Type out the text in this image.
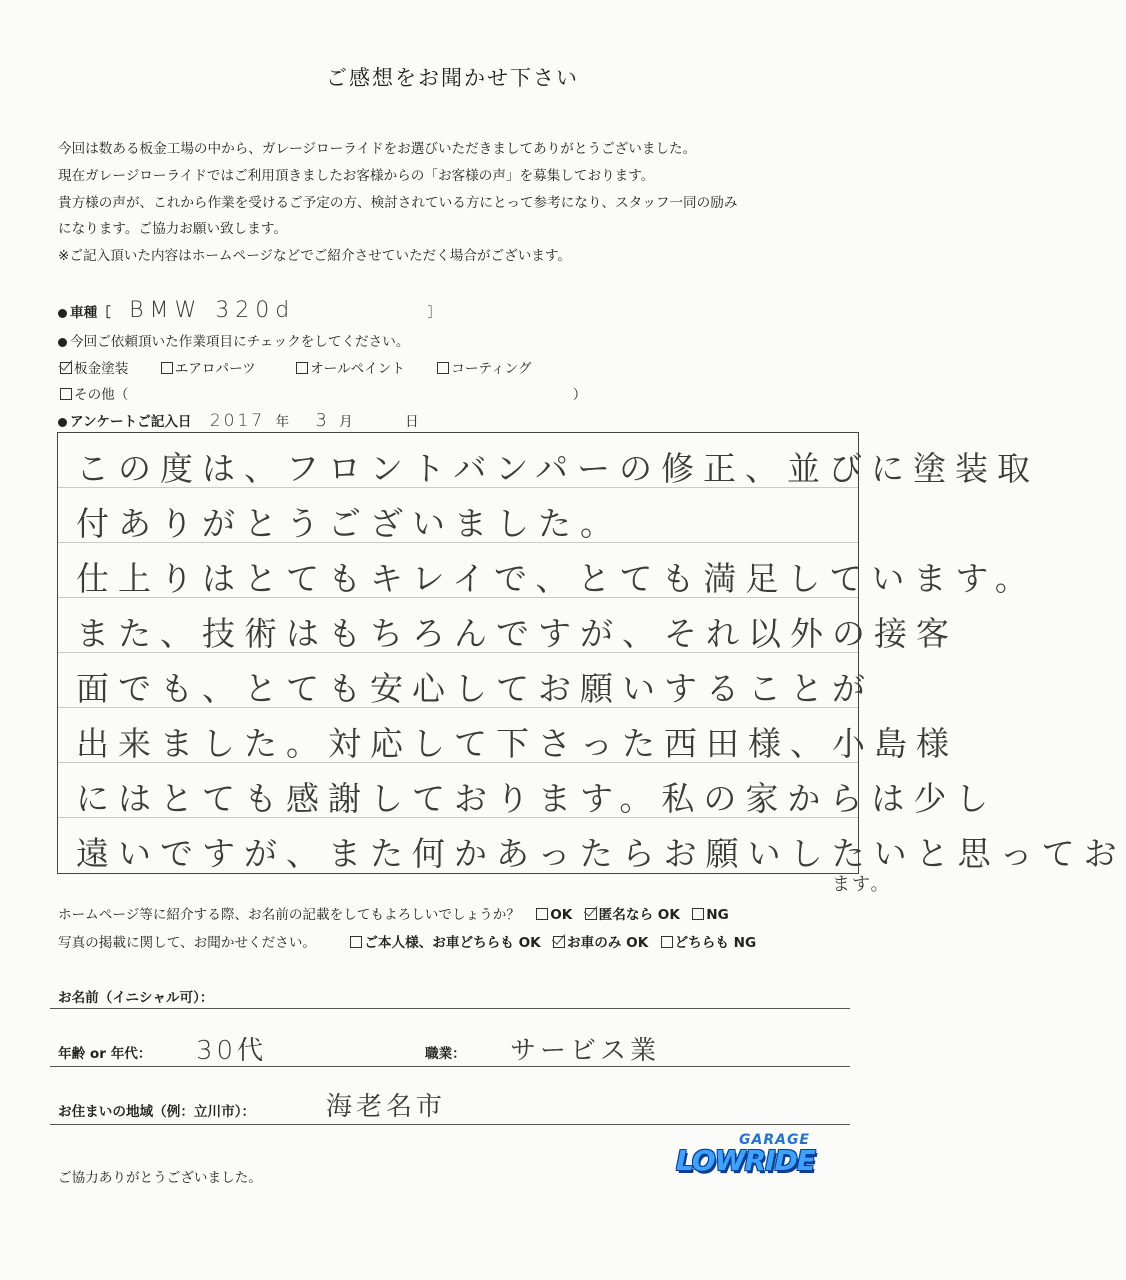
ご感想をお聞かせ下さい
今回は数ある板金工場の中から、ガレージローライドをお選びいただきましてありがとうございました。
現在ガレージローライドではご利用頂きましたお客様からの「お客様の声」を募集しております。
貴方様の声が、これから作業を受けるご予定の方、検討されている方にとって参考になり、スタッフ一同の励み
になります。ご協力お願い致します。
※ご記入頂いた内容はホームページなどでご紹介させていただく場合がございます。
車種［ BMW 320d	］
今回ご依頼頂いた作業項目にチェックをしてください。
板金塗装	エアロパーツ	オールペイント	コーティング
その他（	）
アンケートご記入日 2017 年 3 月	日
この度は、フロントバンパーの修正、並びに塗装取
付ありがとうございました。
仕上りはとてもキレイで、とても満足しています。
また、技術はもちろんですが、それ以外の接客
面でも、とても安心してお願いすることが
出来ました。対応して下さった西田様、小島様
にはとても感謝しております。私の家からは少し
遠いですが、また何かあったらお願いしたいと思ってお
ます。
ホームページ等に紹介する際、お名前の記載をしてもよろしいでしょうか？ OK 匿名なら OK NG
写真の掲載に関して、お聞かせください。	ご本人様、お車どちらも OK お車のみ OK どちらも NG
お名前（イニシャル可）：
年齢 or 年代： 30代	職業： サービス業
お住まいの地域（例：立川市）：	海老名市
ご協力ありがとうございました。
GARAGE
LOWRIDE
